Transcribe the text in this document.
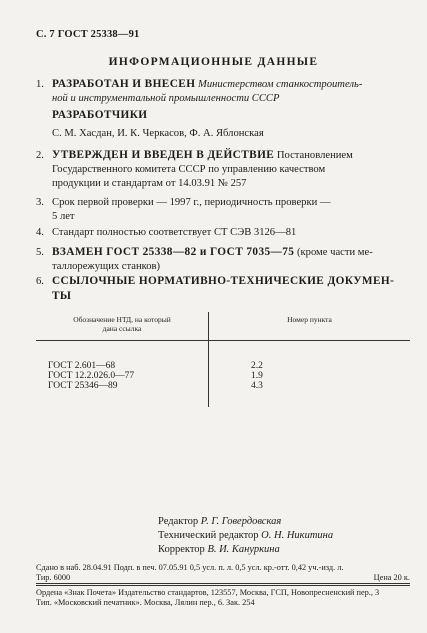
С. 7 ГОСТ 25338—91
ИНФОРМАЦИОННЫЕ ДАННЫЕ
1. РАЗРАБОТАН И ВНЕСЕН Министерством станкостроитель-
ной и инструментальной промышленности СССР
РАЗРАБОТЧИКИ
С. М. Хасдан, И. К. Черкасов, Ф. А. Яблонская
2. УТВЕРЖДЕН И ВВЕДЕН В ДЕЙСТВИЕ Постановлением
Государственного комитета СССР по управлению качеством
продукции и стандартам от 14.03.91 № 257
3. Срок первой проверки — 1997 г., периодичность проверки —
5 лет
4. Стандарт полностью соответствует СТ СЭВ 3126—81
5. ВЗАМЕН ГОСТ 25338—82 и ГОСТ 7035—75 (кроме части ме-
таллорежущих станков)
6. ССЫЛОЧНЫЕ НОРМАТИВНО-ТЕХНИЧЕСКИЕ ДОКУМЕН-
ТЫ
Обозначение НТД, на который
дана ссылка	Номер пункта
ГОСТ 2.601—68	2.2
ГОСТ 12.2.026.0—77	1.9
ГОСТ 25346—89	4.3
Редактор Р. Г. Говердовская
Технический редактор О. Н. Никитина
Корректор В. И. Кануркина
Сдано в наб. 28.04.91 Подп. в печ. 07.05.91 0,5 усл. п. л. 0,5 усл. кр.-отт. 0,42 уч.-изд. л.
Тир. 6000	Цена 20 к.
Ордена «Знак Почета» Издательство стандартов, 123557, Москва, ГСП, Новопресненский пер., 3
Тип. «Московский печатник». Москва, Лялин пер., 6. Зак. 254
